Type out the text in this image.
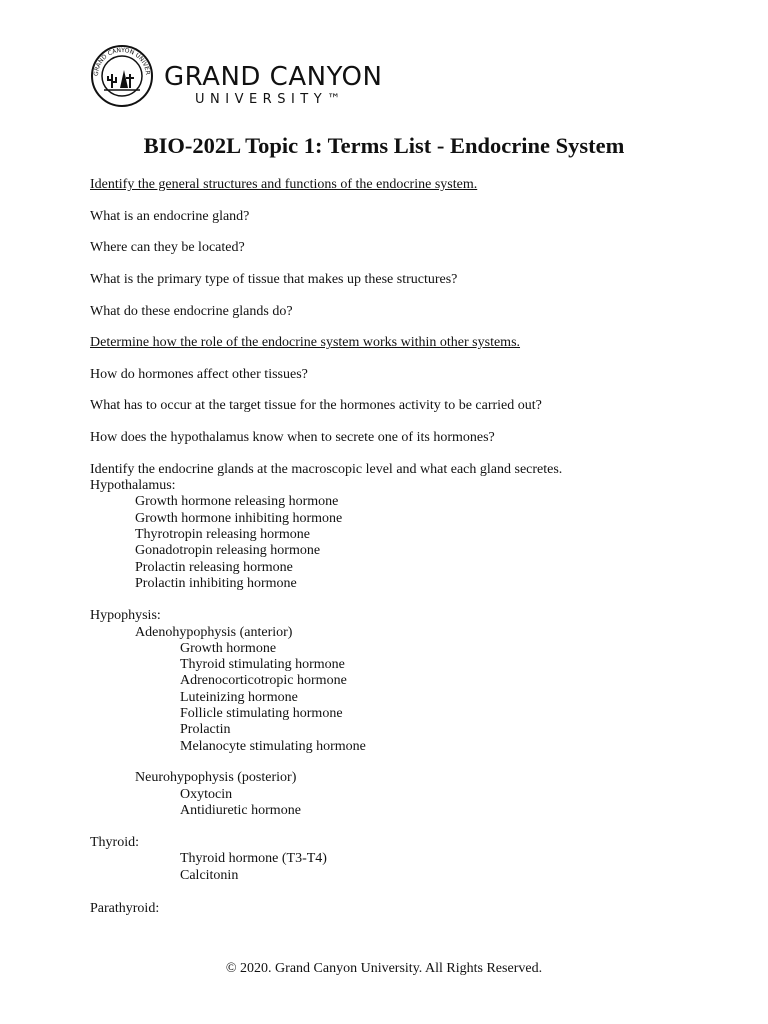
GRAND CANYON UNIVER GRAND CANYON
UNIVERSITY™
BIO-202L Topic 1: Terms List - Endocrine System
Identify the general structures and functions of the endocrine system.
What is an endocrine gland?
Where can they be located?
What is the primary type of tissue that makes up these structures?
What do these endocrine glands do?
Determine how the role of the endocrine system works within other systems.
How do hormones affect other tissues?
What has to occur at the target tissue for the hormones activity to be carried out?
How does the hypothalamus know when to secrete one of its hormones?
Identify the endocrine glands at the macroscopic level and what each gland secretes.
Hypothalamus:
Growth hormone releasing hormone
Growth hormone inhibiting hormone
Thyrotropin releasing hormone
Gonadotropin releasing hormone
Prolactin releasing hormone
Prolactin inhibiting hormone
Hypophysis:
Adenohypophysis (anterior)
Growth hormone
Thyroid stimulating hormone
Adrenocorticotropic hormone
Luteinizing hormone
Follicle stimulating hormone
Prolactin
Melanocyte stimulating hormone
Neurohypophysis (posterior)
Oxytocin
Antidiuretic hormone
Thyroid:
Thyroid hormone (T3-T4)
Calcitonin
Parathyroid:
© 2020. Grand Canyon University. All Rights Reserved.
